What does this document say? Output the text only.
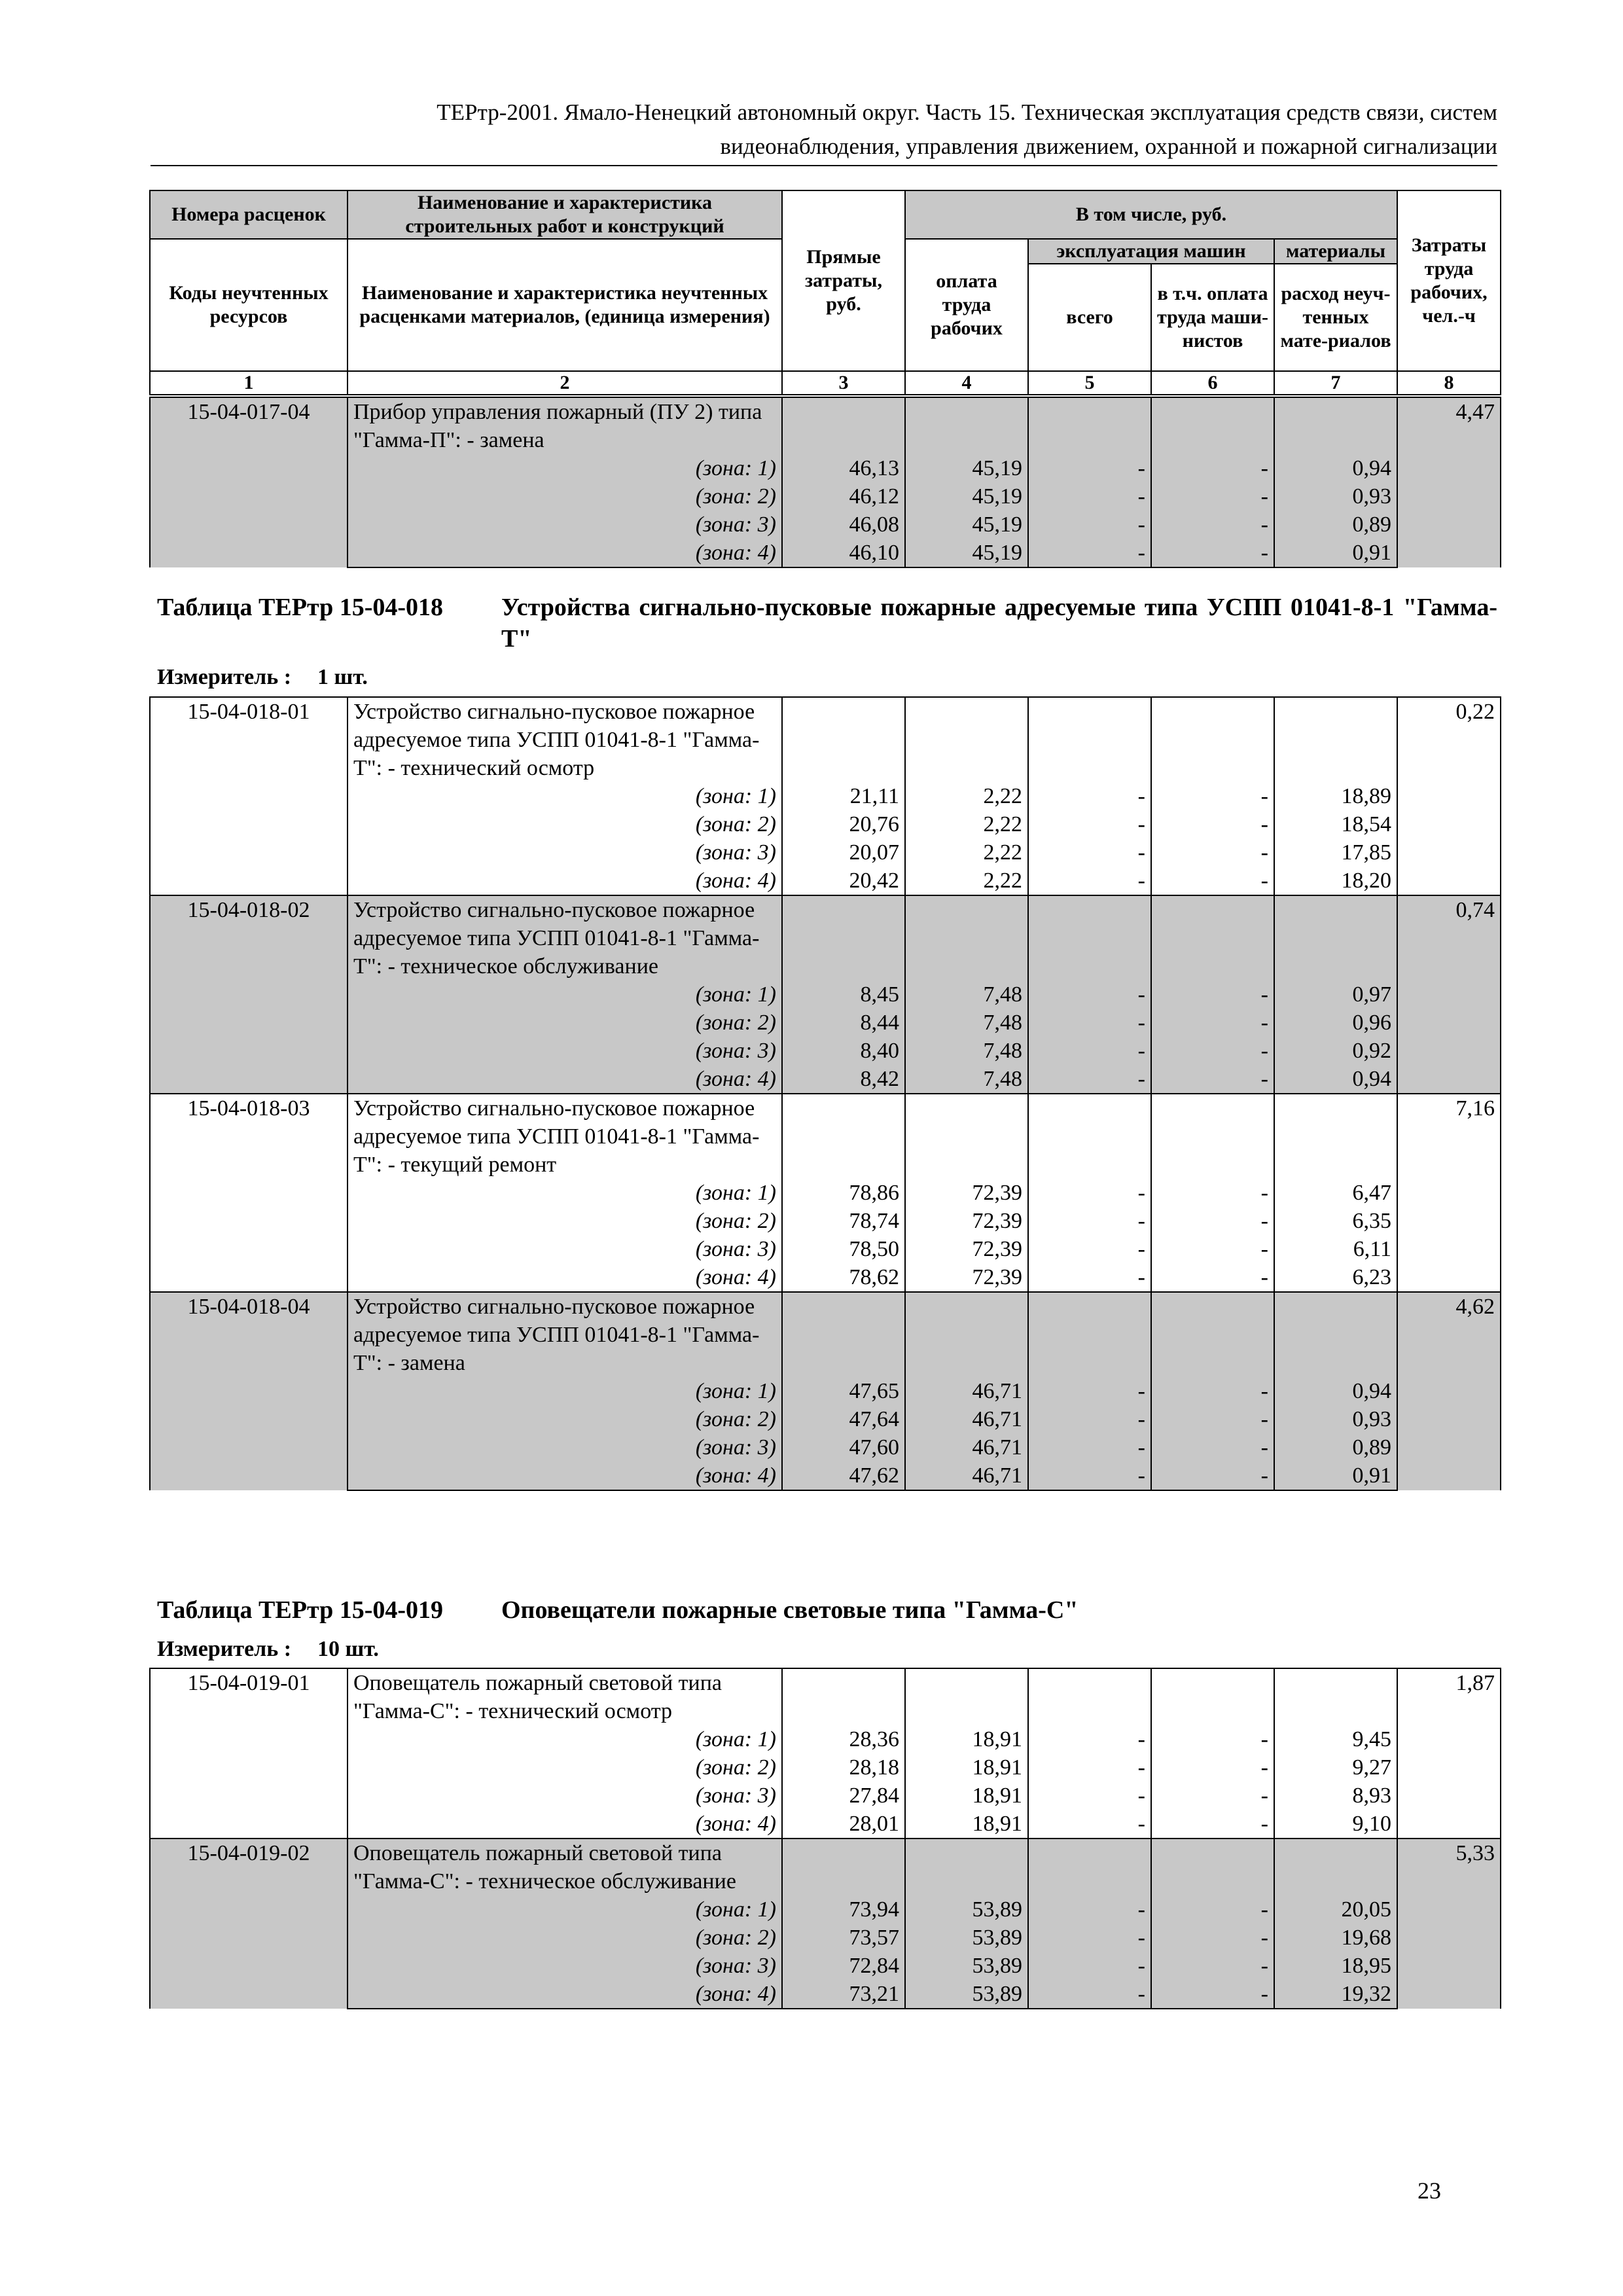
ТЕРтр-2001. Ямало-Ненецкий автономный округ. Часть 15. Техническая эксплуатация средств связи, систем
видеонаблюдения, управления движением, охранной и пожарной сигнализации
Номера расценок	Наименование и характеристика строительных работ и конструкций	Прямые затраты, руб.	В том числе, руб.				Затраты труда рабочих, чел.-ч
Коды неучтенных ресурсов	Наименование и характеристика неучтенных расценками материалов, (единица измерения)		оплата труда рабочих	эксплуатация машин		материалы	
				всего	в т.ч. оплата труда маши-нистов	расход неуч-тенных мате-риалов	
1	2	3	4	5	6	7	8
15-04-017-04	Прибор управления пожарный (ПУ 2) типа "Гамма-П": - замена						4,47
	(зона: 1)	46,13	45,19	-	-	0,94	
	(зона: 2)	46,12	45,19	-	-	0,93	
	(зона: 3)	46,08	45,19	-	-	0,89	
	(зона: 4)	46,10	45,19	-	-	0,91	
Таблица ТЕРтр 15-04-018 Устройства сигнально-пусковые пожарные адресуемые типа УСПП 01041-8-1 "Гамма-Т"
Измеритель : 1 шт.
15-04-018-01	Устройство сигнально-пусковое пожарное адресуемое типа УСПП 01041-8-1 "Гамма-Т": - технический осмотр						0,22
	(зона: 1)	21,11	2,22	-	-	18,89	
	(зона: 2)	20,76	2,22	-	-	18,54	
	(зона: 3)	20,07	2,22	-	-	17,85	
	(зона: 4)	20,42	2,22	-	-	18,20	
15-04-018-02	Устройство сигнально-пусковое пожарное адресуемое типа УСПП 01041-8-1 "Гамма-Т": - техническое обслуживание						0,74
	(зона: 1)	8,45	7,48	-	-	0,97	
	(зона: 2)	8,44	7,48	-	-	0,96	
	(зона: 3)	8,40	7,48	-	-	0,92	
	(зона: 4)	8,42	7,48	-	-	0,94	
15-04-018-03	Устройство сигнально-пусковое пожарное адресуемое типа УСПП 01041-8-1 "Гамма-Т": - текущий ремонт						7,16
	(зона: 1)	78,86	72,39	-	-	6,47	
	(зона: 2)	78,74	72,39	-	-	6,35	
	(зона: 3)	78,50	72,39	-	-	6,11	
	(зона: 4)	78,62	72,39	-	-	6,23	
15-04-018-04	Устройство сигнально-пусковое пожарное адресуемое типа УСПП 01041-8-1 "Гамма-Т": - замена						4,62
	(зона: 1)	47,65	46,71	-	-	0,94	
	(зона: 2)	47,64	46,71	-	-	0,93	
	(зона: 3)	47,60	46,71	-	-	0,89	
	(зона: 4)	47,62	46,71	-	-	0,91	
Таблица ТЕРтр 15-04-019 Оповещатели пожарные световые типа "Гамма-С"
Измеритель : 10 шт.
15-04-019-01	Оповещатель пожарный световой типа "Гамма-С": - технический осмотр						1,87
	(зона: 1)	28,36	18,91	-	-	9,45	
	(зона: 2)	28,18	18,91	-	-	9,27	
	(зона: 3)	27,84	18,91	-	-	8,93	
	(зона: 4)	28,01	18,91	-	-	9,10	
15-04-019-02	Оповещатель пожарный световой типа "Гамма-С": - техническое обслуживание						5,33
	(зона: 1)	73,94	53,89	-	-	20,05	
	(зона: 2)	73,57	53,89	-	-	19,68	
	(зона: 3)	72,84	53,89	-	-	18,95	
	(зона: 4)	73,21	53,89	-	-	19,32	
23
